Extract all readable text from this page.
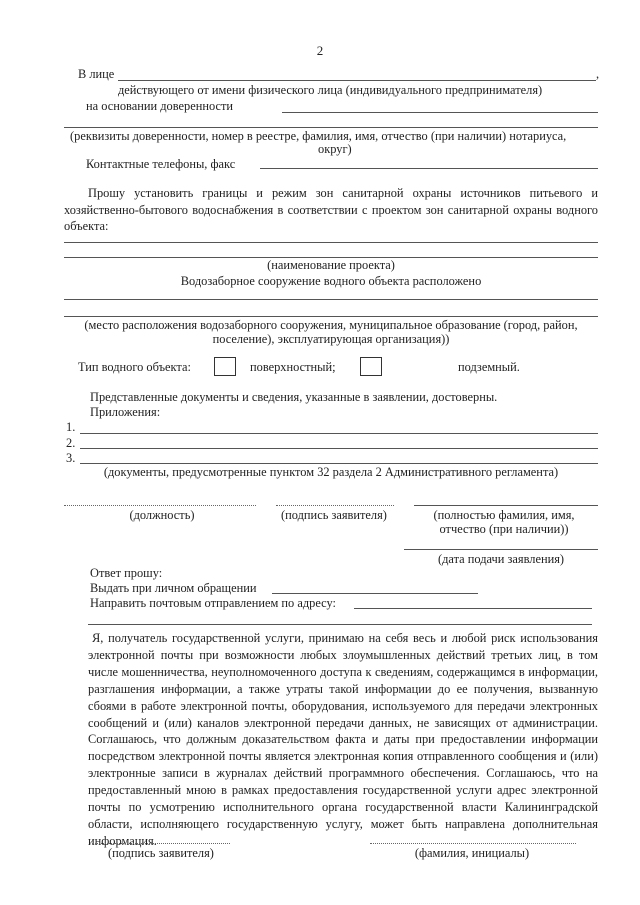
2
В лице	,
действующего от имени физического лица (индивидуального предпринимателя)
на основании доверенности
(реквизиты доверенности, номер в реестре, фамилия, имя, отчество (при наличии) нотариуса,
округ)
Контактные телефоны, факс
Прошу установить границы и режим зон санитарной охраны источников питьевого и хозяйственно-бытового водоснабжения в соответствии с проектом зон санитарной охраны водного объекта:
(наименование проекта)
Водозаборное сооружение водного объекта расположено
(место расположения водозаборного сооружения, муниципальное образование (город, район,
поселение), эксплуатирующая организация))
Тип водного объекта:	поверхностный;	подземный.
Представленные документы и сведения, указанные в заявлении, достоверны.
Приложения:
1.
2.
3.
(документы, предусмотренные пунктом 32 раздела 2 Административного регламента)
(должность)	(подпись заявителя)	(полностью фамилия, имя,
отчество (при наличии))
(дата подачи заявления)
Ответ прошу:
Выдать при личном обращении
Направить почтовым отправлением по адресу:
Я, получатель государственной услуги, принимаю на себя весь и любой риск использования электронной почты при возможности любых злоумышленных действий третьих лиц, в том числе мошенничества, неуполномоченного доступа к сведениям, содержащимся в информации, разглашения информации, а также утраты такой информации до ее получения, вызванную сбоями в работе электронной почты, оборудования, используемого для передачи электронных сообщений и (или) каналов электронной передачи данных, не зависящих от администрации. Соглашаюсь, что должным доказательством факта и даты при предоставлении информации посредством электронной почты является электронная копия отправленного сообщения и (или) электронные записи в журналах действий программного обеспечения. Соглашаюсь, что на предоставленный мною в рамках предоставления государственной услуги адрес электронной почты по усмотрению исполнительного органа государственной власти Калининградской области, исполняющего государственную услугу, может быть направлена дополнительная информация.
(подпись заявителя)	(фамилия, инициалы)
